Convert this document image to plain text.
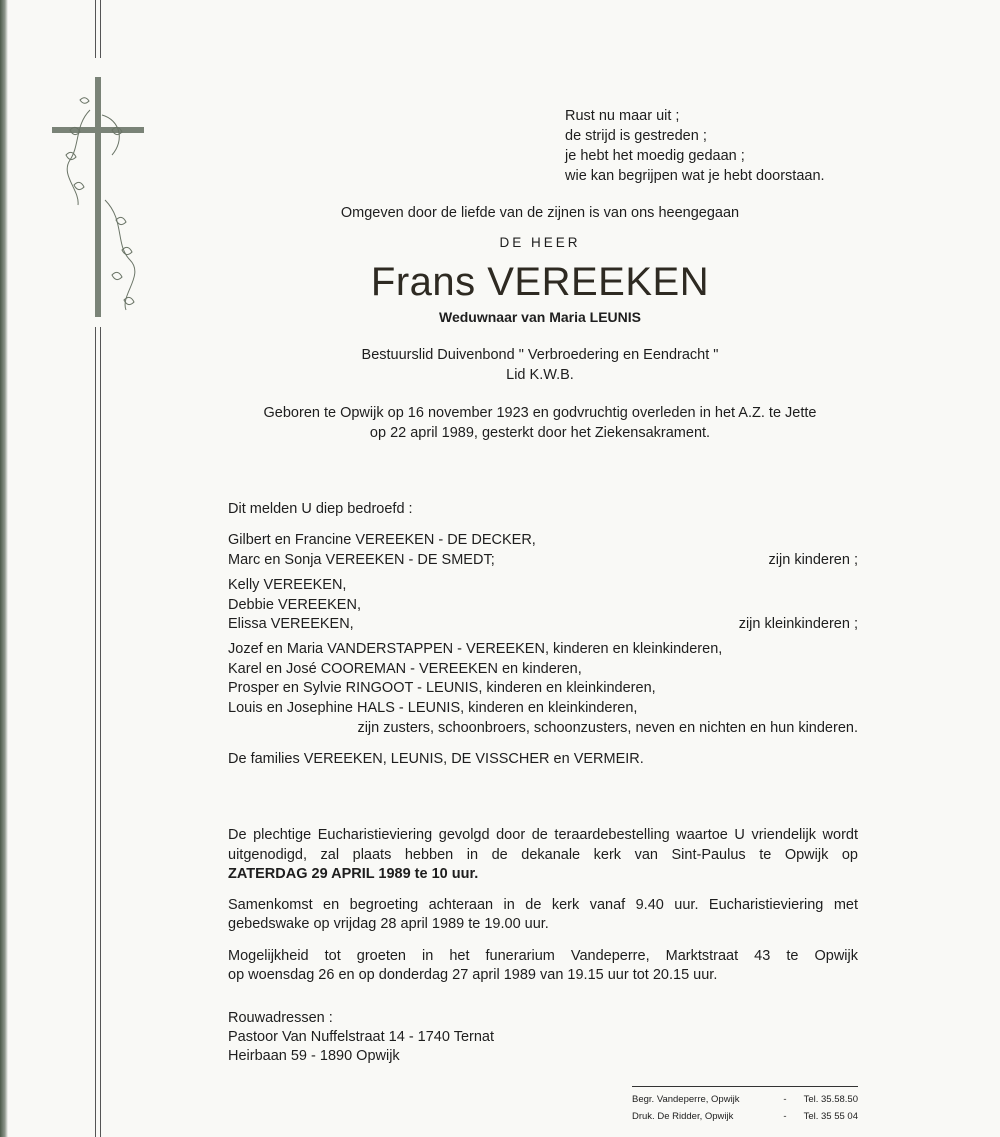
Rust nu maar uit ;
de strijd is gestreden ;
je hebt het moedig gedaan ;
wie kan begrijpen wat je hebt doorstaan.
Omgeven door de liefde van de zijnen is van ons heengegaan
DE HEER
Frans VEREEKEN
Weduwnaar van Maria LEUNIS
Bestuurslid Duivenbond " Verbroedering en Eendracht "
Lid K.W.B.
Geboren te Opwijk op 16 november 1923 en godvruchtig overleden in het A.Z. te Jette
op 22 april 1989, gesterkt door het Ziekensakrament.
Dit melden U diep bedroefd :
Gilbert en Francine VEREEKEN - DE DECKER,
Marc en Sonja VEREEKEN - DE SMEDT;	zijn kinderen ;
Kelly VEREEKEN,
Debbie VEREEKEN,
Elissa VEREEKEN,	zijn kleinkinderen ;
Jozef en Maria VANDERSTAPPEN - VEREEKEN, kinderen en kleinkinderen,
Karel en José COOREMAN - VEREEKEN en kinderen,
Prosper en Sylvie RINGOOT - LEUNIS, kinderen en kleinkinderen,
Louis en Josephine HALS - LEUNIS, kinderen en kleinkinderen,
zijn zusters, schoonbroers, schoonzusters, neven en nichten en hun kinderen.
De families VEREEKEN, LEUNIS, DE VISSCHER en VERMEIR.
De plechtige Eucharistieviering gevolgd door de teraardebestelling waartoe U vriendelijk wordt
uitgenodigd, zal plaats hebben in de dekanale kerk van Sint-Paulus te Opwijk op
ZATERDAG 29 APRIL 1989 te 10 uur.
Samenkomst en begroeting achteraan in de kerk vanaf 9.40 uur. Eucharistieviering met
gebedswake op vrijdag 28 april 1989 te 19.00 uur.
Mogelijkheid tot groeten in het funerarium Vandeperre, Marktstraat 43 te Opwijk
op woensdag 26 en op donderdag 27 april 1989 van 19.15 uur tot 20.15 uur.
Rouwadressen :
Pastoor Van Nuffelstraat 14 - 1740 Ternat
Heirbaan 59 - 1890 Opwijk
Begr. Vandeperre, Opwijk	-	Tel. 35.58.50
Druk. De Ridder, Opwijk	-	Tel. 35 55 04
